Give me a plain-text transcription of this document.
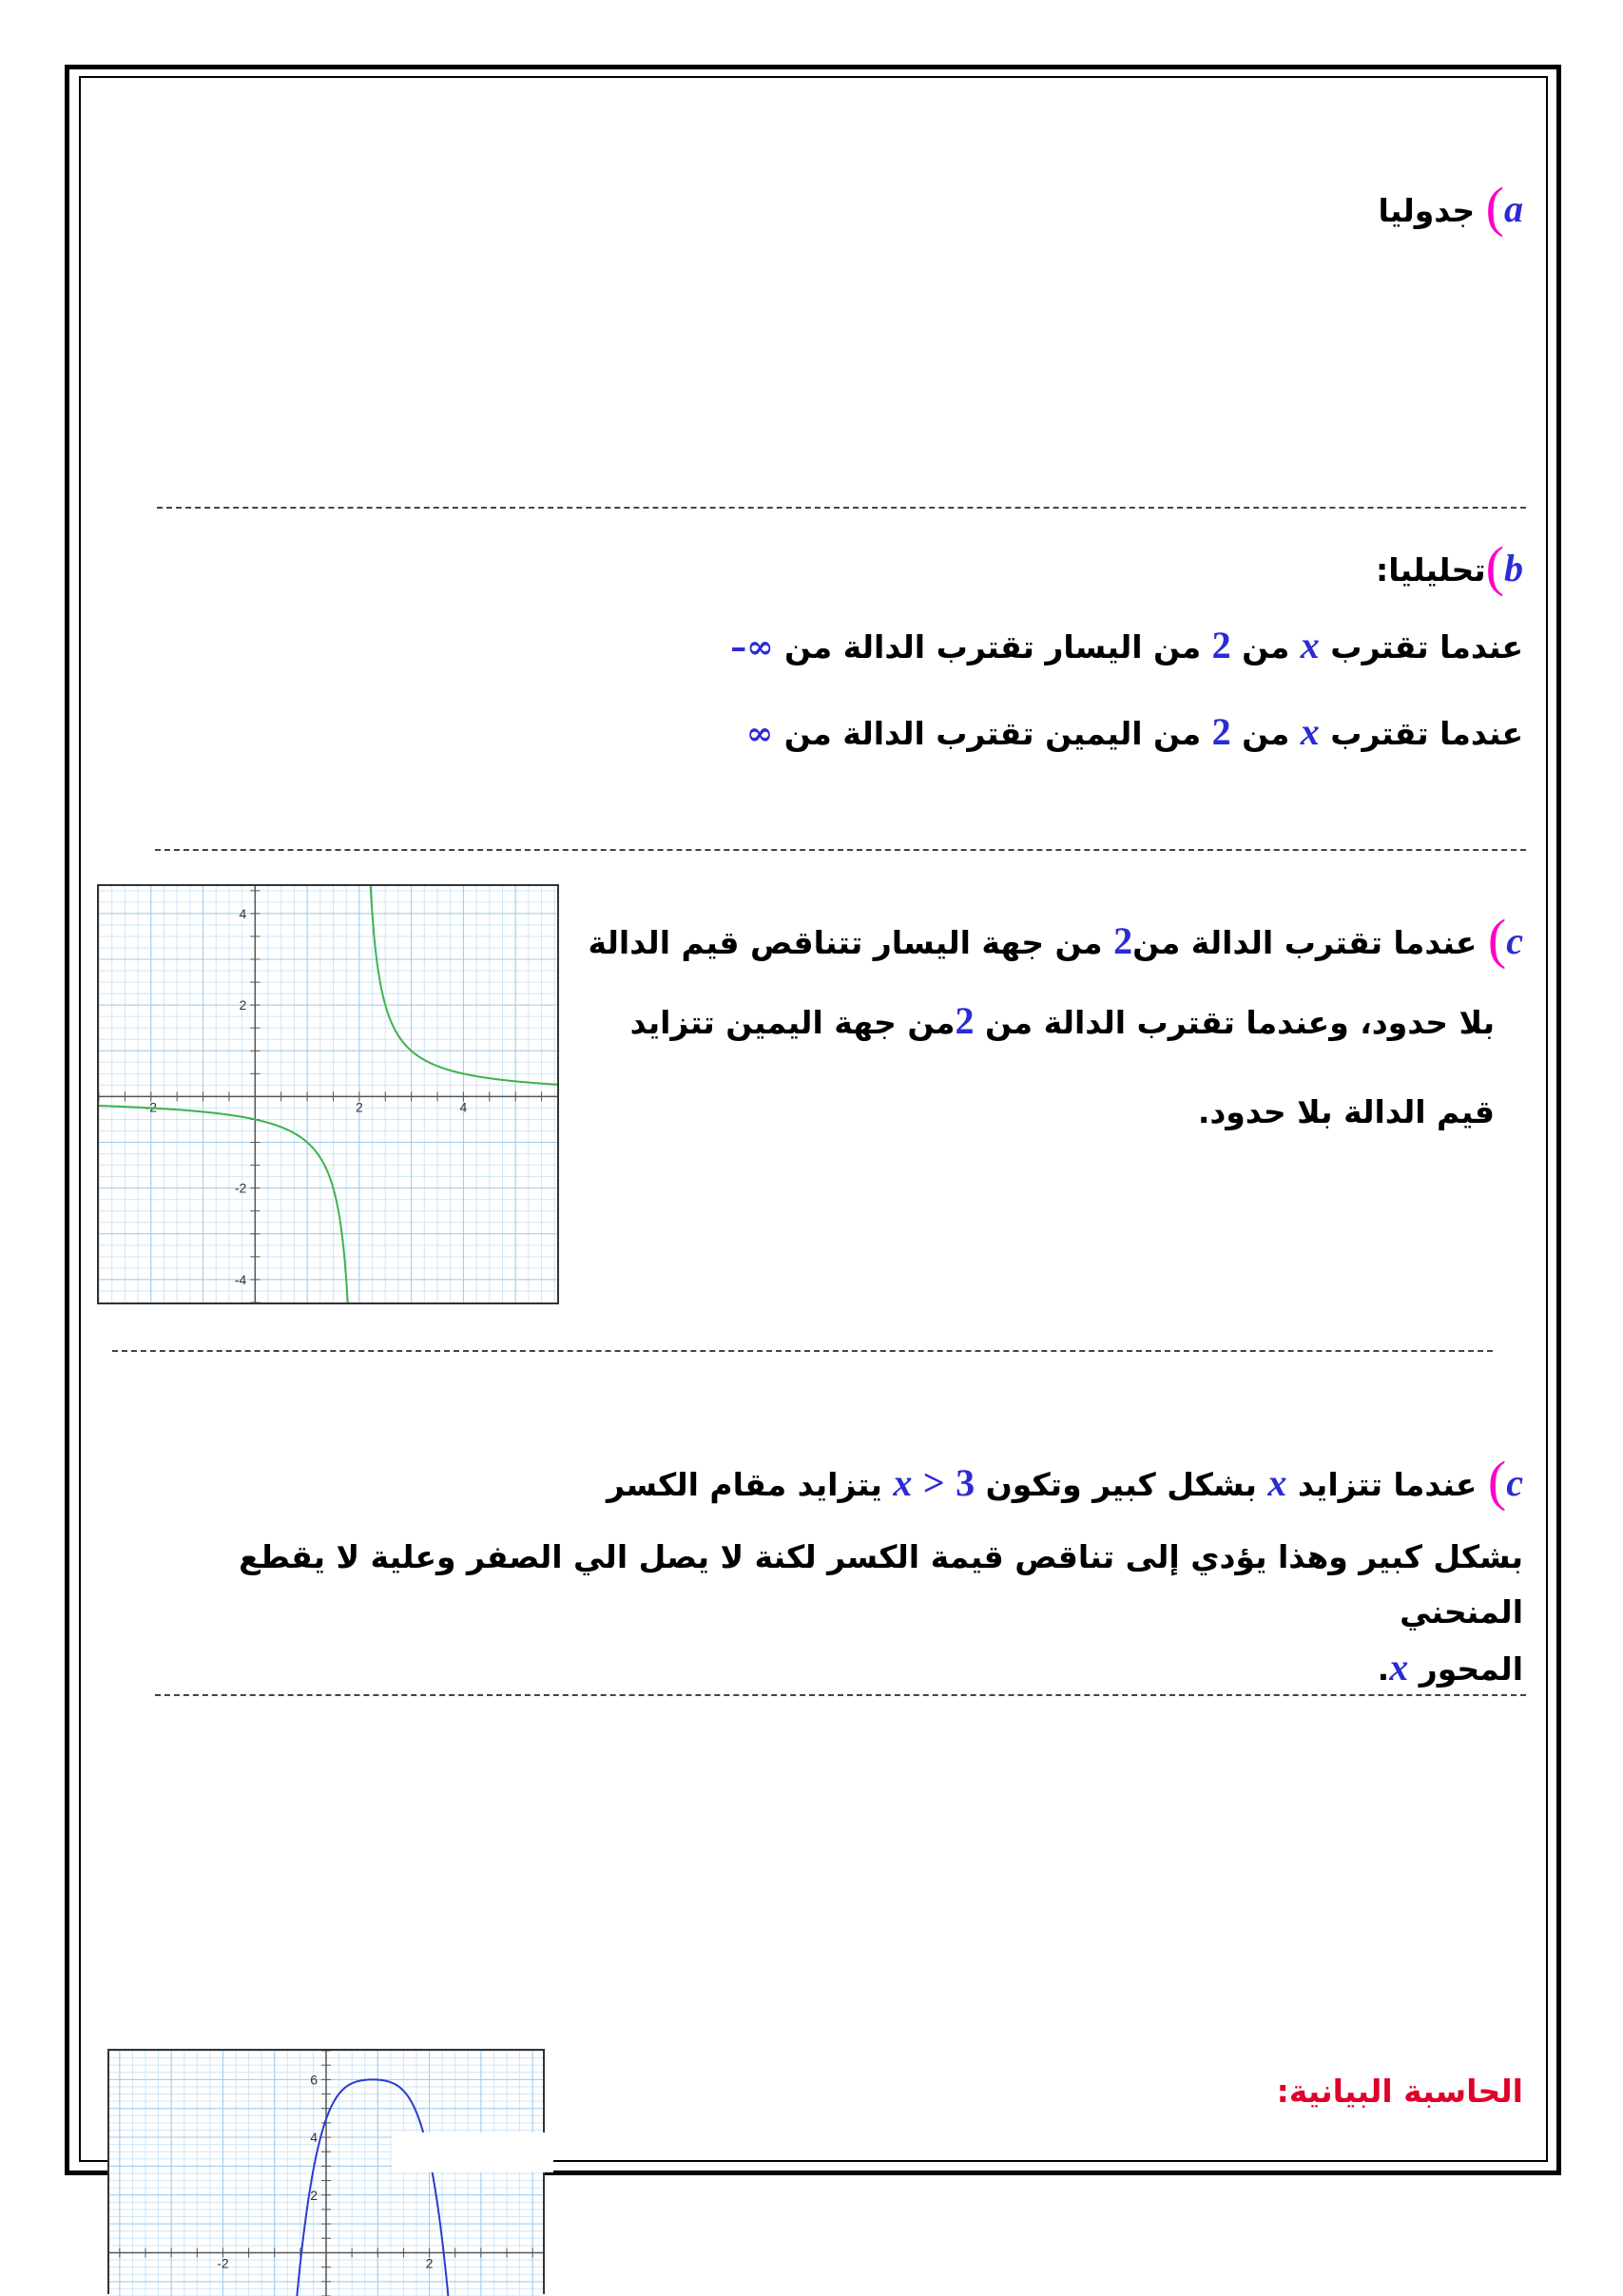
a) جدوليا
b)تحليليا:
عندما تقترب x من 2 من اليسار تقترب الدالة من –∞
عندما تقترب x من 2 من اليمين تقترب الدالة من ∞
c) عندما تقترب الدالة من2 من جهة اليسار تتناقص قيم الدالة
بلا حدود، وعندما تقترب الدالة من 2من جهة اليمين تتزايد
قيم الدالة بلا حدود.
-2	2	4
4
2
-2
-4
c) عندما تتزايد x بشكل كبير وتكون x > 3 يتزايد مقام الكسر
بشكل كبير وهذا يؤدي إلى تناقص قيمة الكسر لكنة لا يصل الي الصفر وعلية لا يقطع المنحني
المحور x.
الحاسبة البيانية:
-2	2
6
4
2
